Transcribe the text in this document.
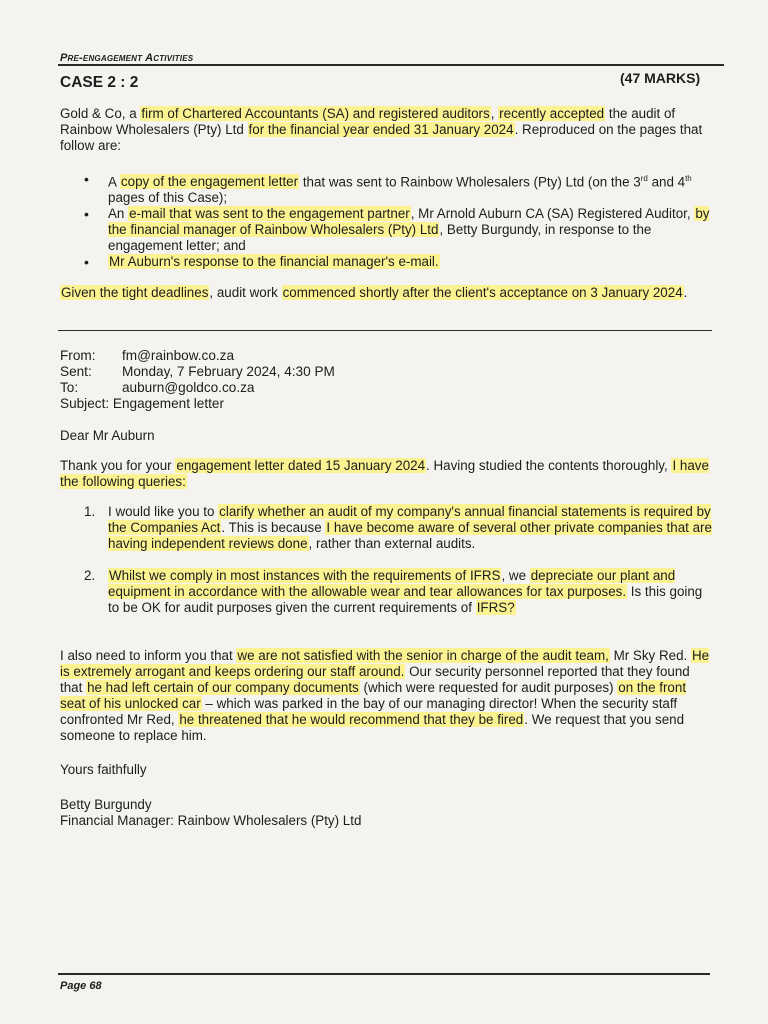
Pre-engagement Activities
CASE 2 : 2	(47 MARKS)
Gold & Co, a firm of Chartered Accountants (SA) and registered auditors, recently accepted the audit of Rainbow Wholesalers (Pty) Ltd for the financial year ended 31 January 2024. Reproduced on the pages that follow are:
• A copy of the engagement letter that was sent to Rainbow Wholesalers (Pty) Ltd (on the 3rd and 4th pages of this Case);
• An e-mail that was sent to the engagement partner, Mr Arnold Auburn CA (SA) Registered Auditor, by the financial manager of Rainbow Wholesalers (Pty) Ltd, Betty Burgundy, in response to the engagement letter; and
• Mr Auburn's response to the financial manager's e-mail.
Given the tight deadlines, audit work commenced shortly after the client's acceptance on 3 January 2024.
From:	fm@rainbow.co.za
Sent:	Monday, 7 February 2024, 4:30 PM
To:	auburn@goldco.co.za
Subject:
Engagement letter
Dear Mr Auburn
Thank you for your engagement letter dated 15 January 2024. Having studied the contents thoroughly, I have the following queries:
1. I would like you to clarify whether an audit of my company's annual financial statements is required by the Companies Act. This is because I have become aware of several other private companies that are having independent reviews done, rather than external audits.
2. Whilst we comply in most instances with the requirements of IFRS, we depreciate our plant and equipment in accordance with the allowable wear and tear allowances for tax purposes. Is this going to be OK for audit purposes given the current requirements of IFRS?
I also need to inform you that we are not satisfied with the senior in charge of the audit team, Mr Sky Red. He is extremely arrogant and keeps ordering our staff around. Our security personnel reported that they found that he had left certain of our company documents (which were requested for audit purposes) on the front seat of his unlocked car – which was parked in the bay of our managing director! When the security staff confronted Mr Red, he threatened that he would recommend that they be fired. We request that you send someone to replace him.
Yours faithfully
Betty Burgundy
Financial Manager: Rainbow Wholesalers (Pty) Ltd
Page 68
